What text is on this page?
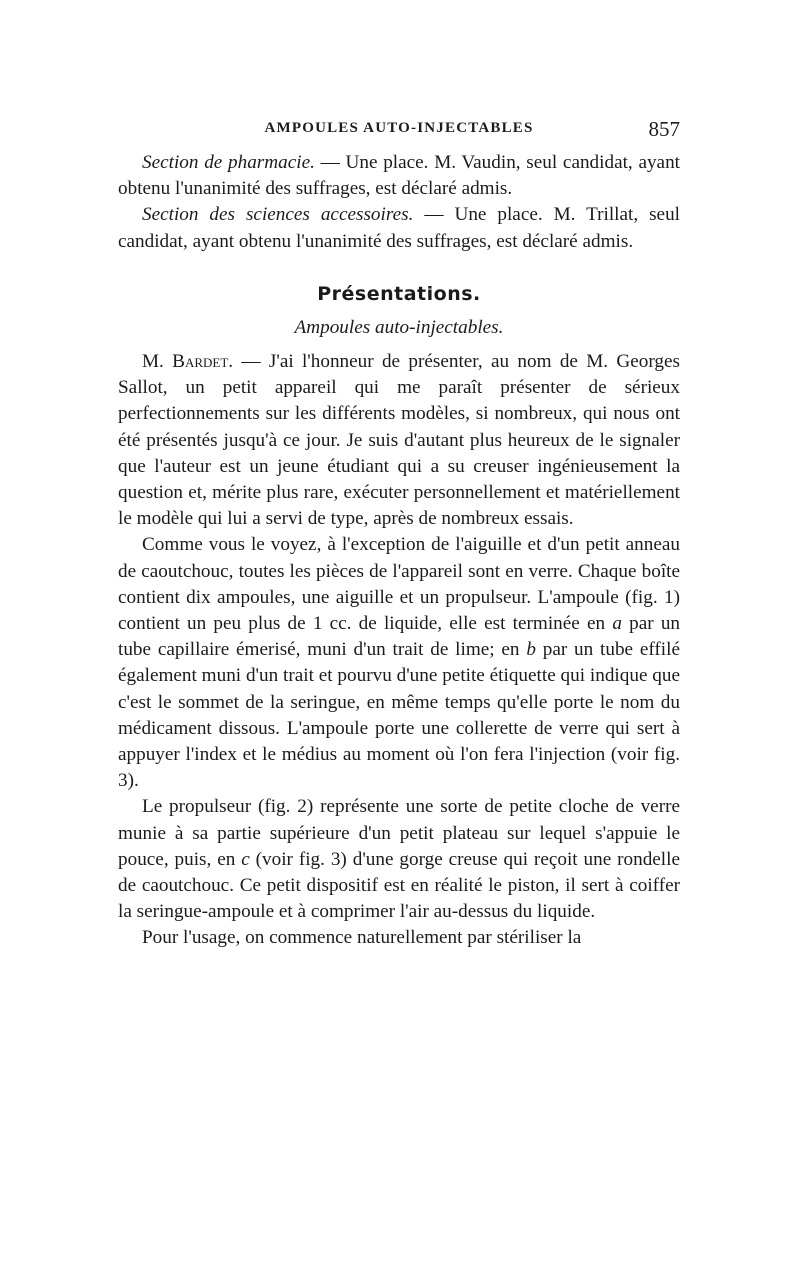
AMPOULES AUTO-INJECTABLES	857

Section de pharmacie. — Une place. M. Vaudin, seul candidat, ayant obtenu l'unanimité des suffrages, est déclaré admis.

Section des sciences accessoires. — Une place. M. Trillat, seul candidat, ayant obtenu l'unanimité des suffrages, est déclaré admis.

Présentations.

Ampoules auto-injectables.

M. Bardet. — J'ai l'honneur de présenter, au nom de M. Georges Sallot, un petit appareil qui me paraît présenter de sérieux perfectionnements sur les différents modèles, si nombreux, qui nous ont été présentés jusqu'à ce jour. Je suis d'autant plus heureux de le signaler que l'auteur est un jeune étudiant qui a su creuser ingénieusement la question et, mérite plus rare, exécuter personnellement et matériellement le modèle qui lui a servi de type, après de nombreux essais.

Comme vous le voyez, à l'exception de l'aiguille et d'un petit anneau de caoutchouc, toutes les pièces de l'appareil sont en verre. Chaque boîte contient dix ampoules, une aiguille et un propulseur. L'ampoule (fig. 1) contient un peu plus de 1 cc. de liquide, elle est terminée en a par un tube capillaire émerisé, muni d'un trait de lime; en b par un tube effilé également muni d'un trait et pourvu d'une petite étiquette qui indique que c'est le sommet de la seringue, en même temps qu'elle porte le nom du médicament dissous. L'ampoule porte une collerette de verre qui sert à appuyer l'index et le médius au moment où l'on fera l'injection (voir fig. 3).

Le propulseur (fig. 2) représente une sorte de petite cloche de verre munie à sa partie supérieure d'un petit plateau sur lequel s'appuie le pouce, puis, en c (voir fig. 3) d'une gorge creuse qui reçoit une rondelle de caoutchouc. Ce petit dispositif est en réalité le piston, il sert à coiffer la seringue-ampoule et à comprimer l'air au-dessus du liquide.

Pour l'usage, on commence naturellement par stériliser la
